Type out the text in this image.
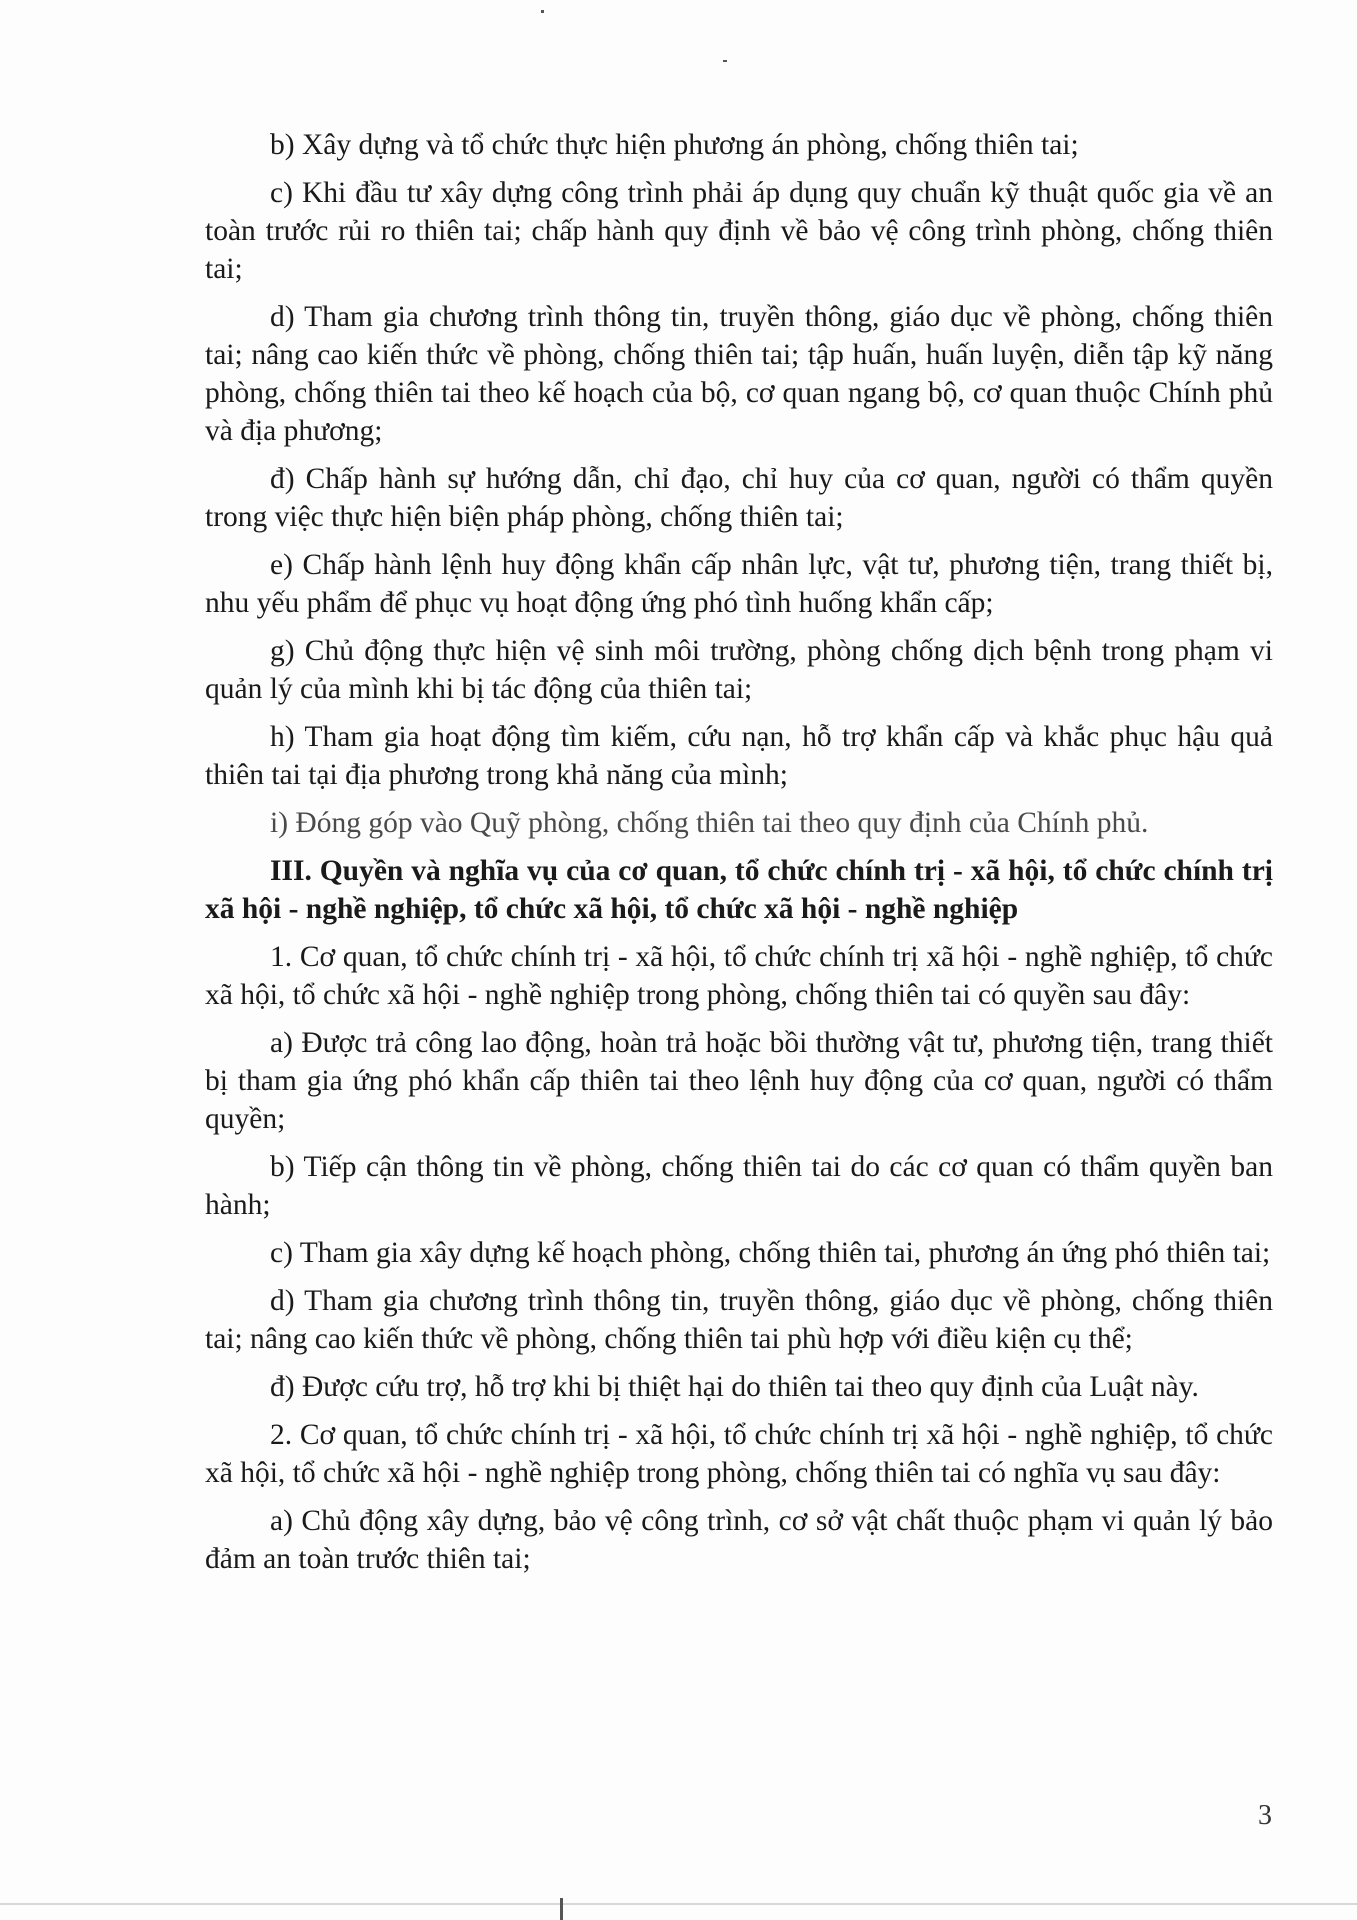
b) Xây dựng và tổ chức thực hiện phương án phòng, chống thiên tai;

c) Khi đầu tư xây dựng công trình phải áp dụng quy chuẩn kỹ thuật quốc gia về an toàn trước rủi ro thiên tai; chấp hành quy định về bảo vệ công trình phòng, chống thiên tai;

d) Tham gia chương trình thông tin, truyền thông, giáo dục về phòng, chống thiên tai; nâng cao kiến thức về phòng, chống thiên tai; tập huấn, huấn luyện, diễn tập kỹ năng phòng, chống thiên tai theo kế hoạch của bộ, cơ quan ngang bộ, cơ quan thuộc Chính phủ và địa phương;

đ) Chấp hành sự hướng dẫn, chỉ đạo, chỉ huy của cơ quan, người có thẩm quyền trong việc thực hiện biện pháp phòng, chống thiên tai;

e) Chấp hành lệnh huy động khẩn cấp nhân lực, vật tư, phương tiện, trang thiết bị, nhu yếu phẩm để phục vụ hoạt động ứng phó tình huống khẩn cấp;

g) Chủ động thực hiện vệ sinh môi trường, phòng chống dịch bệnh trong phạm vi quản lý của mình khi bị tác động của thiên tai;

h) Tham gia hoạt động tìm kiếm, cứu nạn, hỗ trợ khẩn cấp và khắc phục hậu quả thiên tai tại địa phương trong khả năng của mình;

i) Đóng góp vào Quỹ phòng, chống thiên tai theo quy định của Chính phủ.

III. Quyền và nghĩa vụ của cơ quan, tổ chức chính trị - xã hội, tổ chức chính trị xã hội - nghề nghiệp, tổ chức xã hội, tổ chức xã hội - nghề nghiệp

1. Cơ quan, tổ chức chính trị - xã hội, tổ chức chính trị xã hội - nghề nghiệp, tổ chức xã hội, tổ chức xã hội - nghề nghiệp trong phòng, chống thiên tai có quyền sau đây:

a) Được trả công lao động, hoàn trả hoặc bồi thường vật tư, phương tiện, trang thiết bị tham gia ứng phó khẩn cấp thiên tai theo lệnh huy động của cơ quan, người có thẩm quyền;

b) Tiếp cận thông tin về phòng, chống thiên tai do các cơ quan có thẩm quyền ban hành;

c) Tham gia xây dựng kế hoạch phòng, chống thiên tai, phương án ứng phó thiên tai;

d) Tham gia chương trình thông tin, truyền thông, giáo dục về phòng, chống thiên tai; nâng cao kiến thức về phòng, chống thiên tai phù hợp với điều kiện cụ thể;

đ) Được cứu trợ, hỗ trợ khi bị thiệt hại do thiên tai theo quy định của Luật này.

2. Cơ quan, tổ chức chính trị - xã hội, tổ chức chính trị xã hội - nghề nghiệp, tổ chức xã hội, tổ chức xã hội - nghề nghiệp trong phòng, chống thiên tai có nghĩa vụ sau đây:

a) Chủ động xây dựng, bảo vệ công trình, cơ sở vật chất thuộc phạm vi quản lý bảo đảm an toàn trước thiên tai;

3
